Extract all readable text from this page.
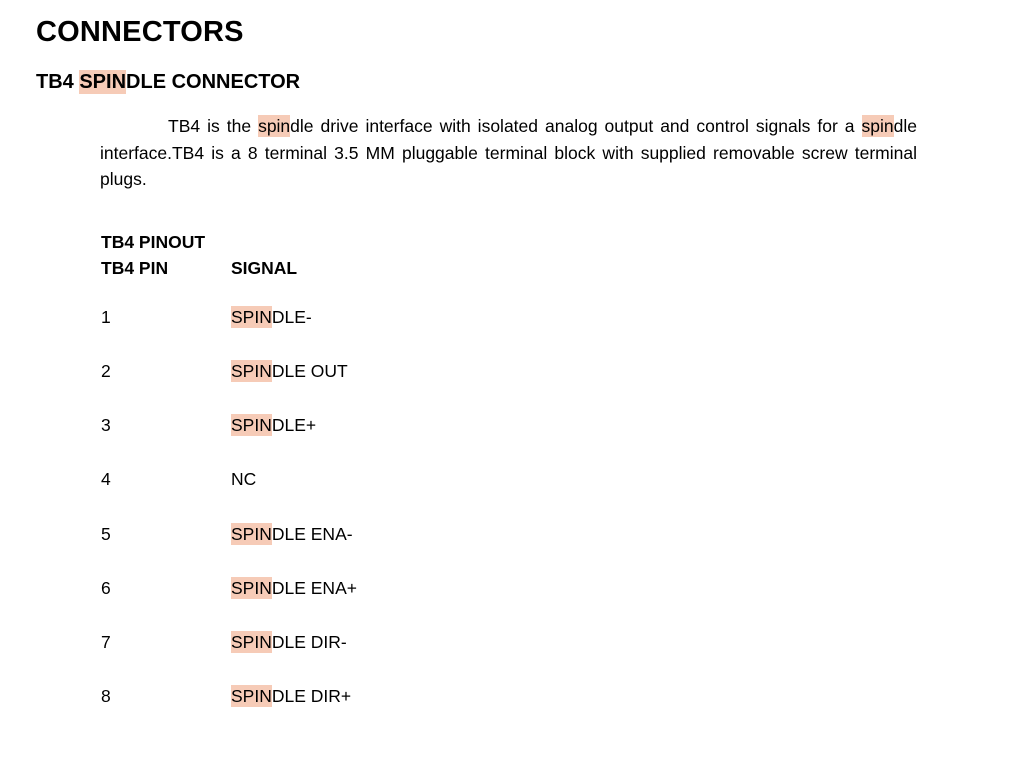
CONNECTORS
TB4 SPINDLE CONNECTOR

TB4 is the spindle drive interface with isolated analog output and control signals for a spindle interface.TB4 is a 8 terminal 3.5 MM pluggable terminal block with supplied removable screw terminal plugs.

TB4 PINOUT
TB4 PIN	SIGNAL
1	SPINDLE-
2	SPINDLE OUT
3	SPINDLE+
4	NC
5	SPINDLE ENA-
6	SPINDLE ENA+
7	SPINDLE DIR-
8	SPINDLE DIR+
